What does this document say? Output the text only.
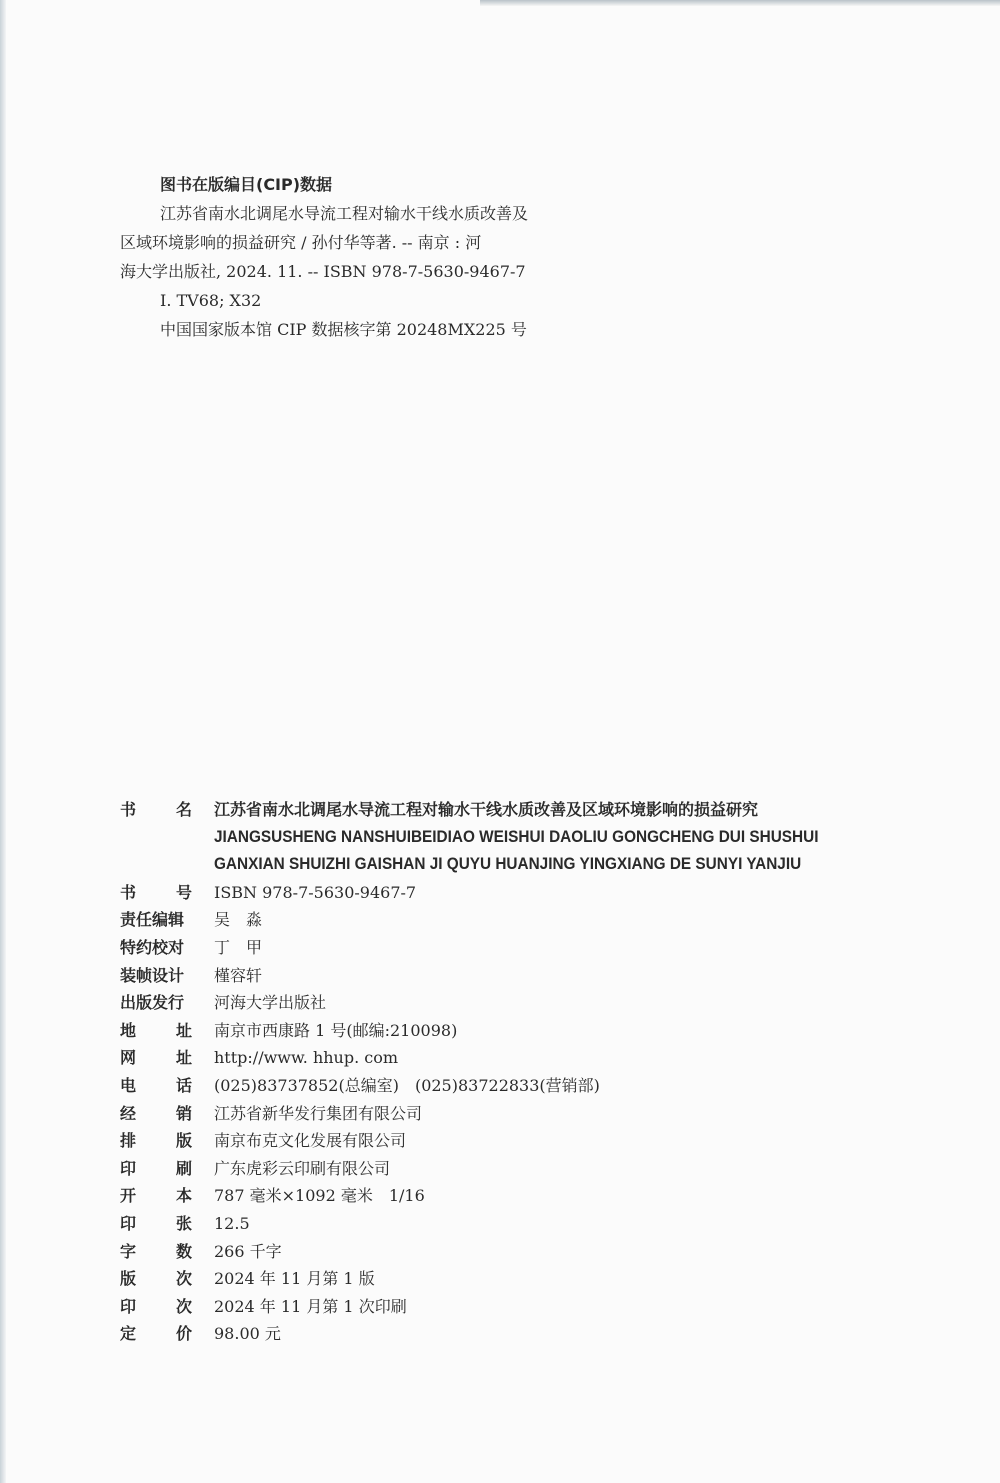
图书在版编目(CIP)数据
江苏省南水北调尾水导流工程对输水干线水质改善及
区域环境影响的损益研究 / 孙付华等著. -- 南京 : 河
海大学出版社, 2024. 11. -- ISBN 978-7-5630-9467-7
Ⅰ. TV68; X32
中国国家版本馆 CIP 数据核字第 20248MX225 号
书 名 江苏省南水北调尾水导流工程对输水干线水质改善及区域环境影响的损益研究
JIANGSUSHENG NANSHUIBEIDIAO WEISHUI DAOLIU GONGCHENG DUI SHUSHUI
GANXIAN SHUIZHI GAISHAN JI QUYU HUANJING YINGXIANG DE SUNYI YANJIU
书 号 ISBN 978-7-5630-9467-7
责任编辑	吴　淼
特约校对	丁　甲
装帧设计	槿容轩
出版发行	河海大学出版社
地 址 南京市西康路 1 号(邮编:210098)
网 址 http://www. hhup. com
电 话 (025)83737852(总编室)　(025)83722833(营销部)
经 销 江苏省新华发行集团有限公司
排 版 南京布克文化发展有限公司
印 刷 广东虎彩云印刷有限公司
开 本 787 毫米×1092 毫米　1/16
印 张 12.5
字 数 266 千字
版 次 2024 年 11 月第 1 版
印 次 2024 年 11 月第 1 次印刷
定 价 98.00 元
